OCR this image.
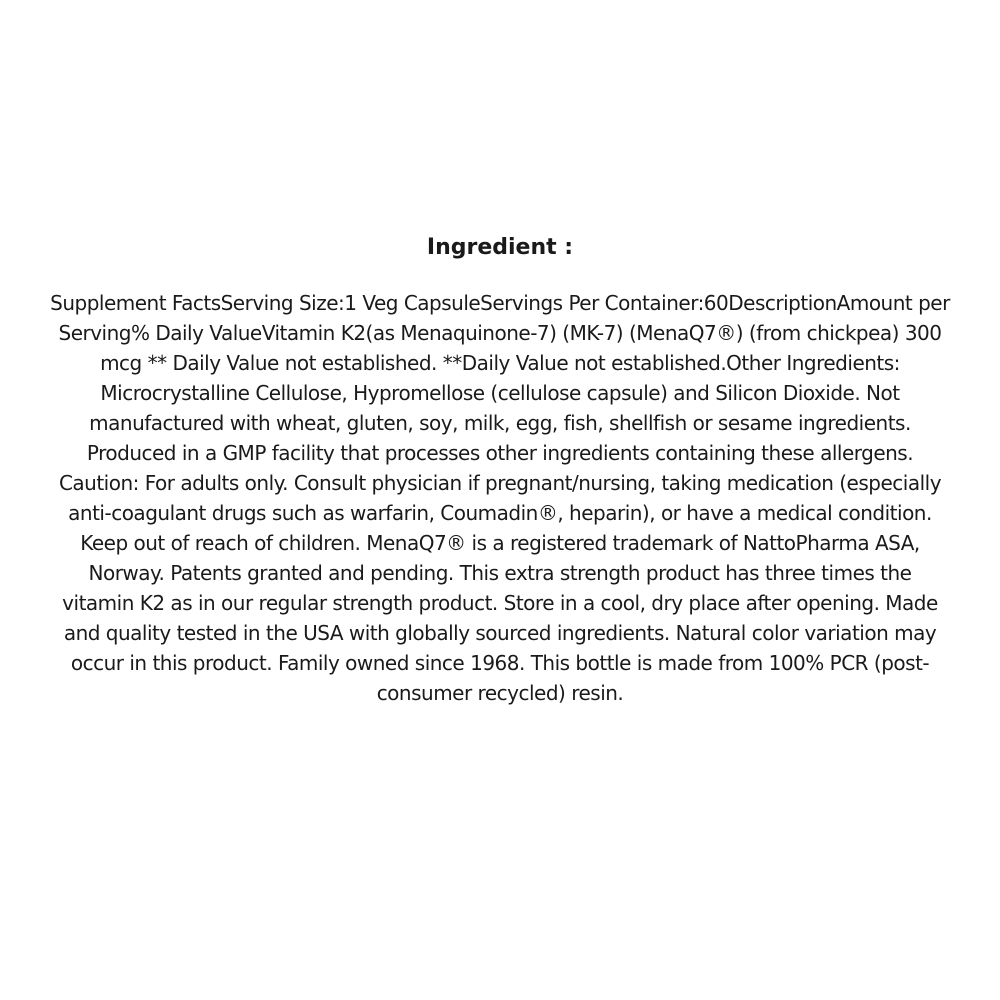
Ingredient :

Supplement FactsServing Size:1 Veg CapsuleServings Per Container:60DescriptionAmount per Serving% Daily ValueVitamin K2(as Menaquinone-7) (MK-7) (MenaQ7®) (from chickpea) 300 mcg ** Daily Value not established. **Daily Value not established.Other Ingredients: Microcrystalline Cellulose, Hypromellose (cellulose capsule) and Silicon Dioxide. Not manufactured with wheat, gluten, soy, milk, egg, fish, shellfish or sesame ingredients. Produced in a GMP facility that processes other ingredients containing these allergens. Caution: For adults only. Consult physician if pregnant/nursing, taking medication (especially anti-coagulant drugs such as warfarin, Coumadin®, heparin), or have a medical condition. Keep out of reach of children. MenaQ7® is a registered trademark of NattoPharma ASA, Norway. Patents granted and pending. This extra strength product has three times the vitamin K2 as in our regular strength product. Store in a cool, dry place after opening. Made and quality tested in the USA with globally sourced ingredients. Natural color variation may occur in this product. Family owned since 1968. This bottle is made from 100% PCR (post-consumer recycled) resin.
